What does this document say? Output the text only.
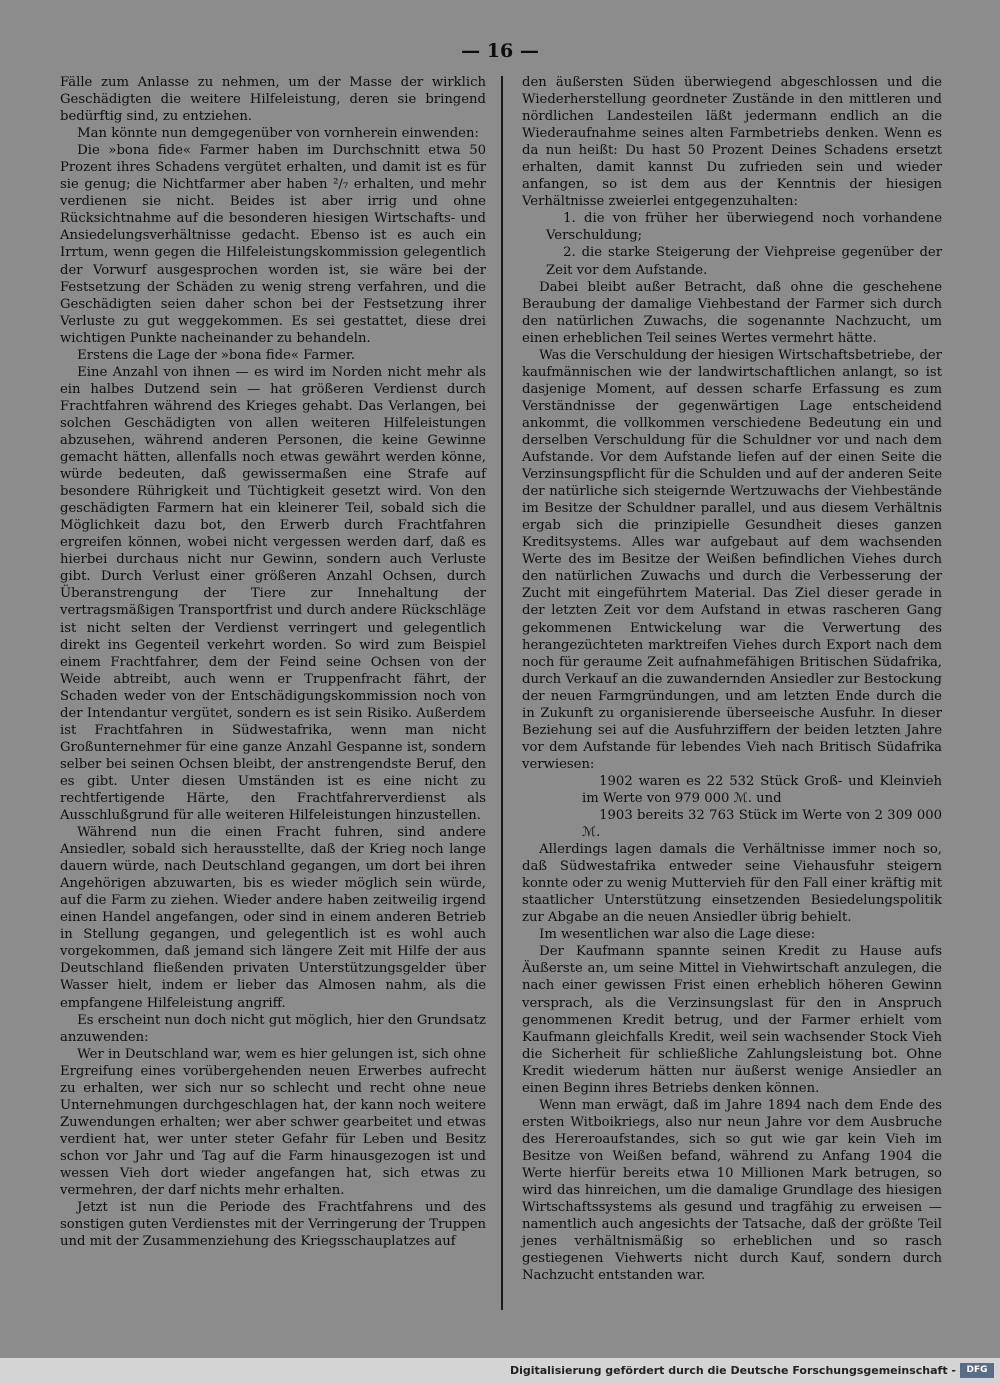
— 16 —

Fälle zum Anlasse zu nehmen, um der Masse der wirklich Geschädigten die weitere Hilfeleistung, deren sie bringend bedürftig sind, zu entziehen.

Man könnte nun demgegenüber von vornherein einwenden:

Die »bona fide« Farmer haben im Durchschnitt etwa 50 Prozent ihres Schadens vergütet erhalten, und damit ist es für sie genug; die Nichtfarmer aber haben ²/₇ erhalten, und mehr verdienen sie nicht. Beides ist aber irrig und ohne Rücksichtnahme auf die besonderen hiesigen Wirtschafts- und Ansiedelungsverhältnisse gedacht. Ebenso ist es auch ein Irrtum, wenn gegen die Hilfeleistungskommission gelegentlich der Vorwurf ausgesprochen worden ist, sie wäre bei der Festsetzung der Schäden zu wenig streng verfahren, und die Geschädigten seien daher schon bei der Festsetzung ihrer Verluste zu gut weggekommen. Es sei gestattet, diese drei wichtigen Punkte nacheinander zu behandeln.

Erstens die Lage der »bona fide« Farmer.

Eine Anzahl von ihnen — es wird im Norden nicht mehr als ein halbes Dutzend sein — hat größeren Verdienst durch Frachtfahren während des Krieges gehabt. Das Verlangen, bei solchen Geschädigten von allen weiteren Hilfeleistungen abzusehen, während anderen Personen, die keine Gewinne gemacht hätten, allenfalls noch etwas gewährt werden könne, würde bedeuten, daß gewissermaßen eine Strafe auf besondere Rührigkeit und Tüchtigkeit gesetzt wird. Von den geschädigten Farmern hat ein kleinerer Teil, sobald sich die Möglichkeit dazu bot, den Erwerb durch Frachtfahren ergreifen können, wobei nicht vergessen werden darf, daß es hierbei durchaus nicht nur Gewinn, sondern auch Verluste gibt. Durch Verlust einer größeren Anzahl Ochsen, durch Überanstrengung der Tiere zur Innehaltung der vertragsmäßigen Transportfrist und durch andere Rückschläge ist nicht selten der Verdienst verringert und gelegentlich direkt ins Gegenteil verkehrt worden. So wird zum Beispiel einem Frachtfahrer, dem der Feind seine Ochsen von der Weide abtreibt, auch wenn er Truppenfracht fährt, der Schaden weder von der Entschädigungskommission noch von der Intendantur vergütet, sondern es ist sein Risiko. Außerdem ist Frachtfahren in Südwestafrika, wenn man nicht Großunternehmer für eine ganze Anzahl Gespanne ist, sondern selber bei seinen Ochsen bleibt, der anstrengendste Beruf, den es gibt. Unter diesen Umständen ist es eine nicht zu rechtfertigende Härte, den Frachtfahrerverdienst als Ausschlußgrund für alle weiteren Hilfeleistungen hinzustellen.

Während nun die einen Fracht fuhren, sind andere Ansiedler, sobald sich herausstellte, daß der Krieg noch lange dauern würde, nach Deutschland gegangen, um dort bei ihren Angehörigen abzuwarten, bis es wieder möglich sein würde, auf die Farm zu ziehen. Wieder andere haben zeitweilig irgend einen Handel angefangen, oder sind in einem anderen Betrieb in Stellung gegangen, und gelegentlich ist es wohl auch vorgekommen, daß jemand sich längere Zeit mit Hilfe der aus Deutschland fließenden privaten Unterstützungsgelder über Wasser hielt, indem er lieber das Almosen nahm, als die empfangene Hilfeleistung angriff.

Es erscheint nun doch nicht gut möglich, hier den Grundsatz anzuwenden:

Wer in Deutschland war, wem es hier gelungen ist, sich ohne Ergreifung eines vorübergehenden neuen Erwerbes aufrecht zu erhalten, wer sich nur so schlecht und recht ohne neue Unternehmungen durchgeschlagen hat, der kann noch weitere Zuwendungen erhalten; wer aber schwer gearbeitet und etwas verdient hat, wer unter steter Gefahr für Leben und Besitz schon vor Jahr und Tag auf die Farm hinausgezogen ist und wessen Vieh dort wieder angefangen hat, sich etwas zu vermehren, der darf nichts mehr erhalten.

Jetzt ist nun die Periode des Frachtfahrens und des sonstigen guten Verdienstes mit der Verringerung der Truppen und mit der Zusammenziehung des Kriegsschauplatzes auf

den äußersten Süden überwiegend abgeschlossen und die Wiederherstellung geordneter Zustände in den mittleren und nördlichen Landesteilen läßt jedermann endlich an die Wiederaufnahme seines alten Farmbetriebs denken. Wenn es da nun heißt: Du hast 50 Prozent Deines Schadens ersetzt erhalten, damit kannst Du zufrieden sein und wieder anfangen, so ist dem aus der Kenntnis der hiesigen Verhältnisse zweierlei entgegenzuhalten:

1. die von früher her überwiegend noch vorhandene Verschuldung;

2. die starke Steigerung der Viehpreise gegenüber der Zeit vor dem Aufstande.

Dabei bleibt außer Betracht, daß ohne die geschehene Beraubung der damalige Viehbestand der Farmer sich durch den natürlichen Zuwachs, die sogenannte Nachzucht, um einen erheblichen Teil seines Wertes vermehrt hätte.

Was die Verschuldung der hiesigen Wirtschaftsbetriebe, der kaufmännischen wie der landwirtschaftlichen anlangt, so ist dasjenige Moment, auf dessen scharfe Erfassung es zum Verständnisse der gegenwärtigen Lage entscheidend ankommt, die vollkommen verschiedene Bedeutung ein und derselben Verschuldung für die Schuldner vor und nach dem Aufstande. Vor dem Aufstande liefen auf der einen Seite die Verzinsungspflicht für die Schulden und auf der anderen Seite der natürliche sich steigernde Wertzuwachs der Viehbestände im Besitze der Schuldner parallel, und aus diesem Verhältnis ergab sich die prinzipielle Gesundheit dieses ganzen Kreditsystems. Alles war aufgebaut auf dem wachsenden Werte des im Besitze der Weißen befindlichen Viehes durch den natürlichen Zuwachs und durch die Verbesserung der Zucht mit eingeführtem Material. Das Ziel dieser gerade in der letzten Zeit vor dem Aufstand in etwas rascheren Gang gekommenen Entwickelung war die Verwertung des herangezüchteten marktreifen Viehes durch Export nach dem noch für geraume Zeit aufnahmefähigen Britischen Südafrika, durch Verkauf an die zuwandernden Ansiedler zur Bestockung der neuen Farmgründungen, und am letzten Ende durch die in Zukunft zu organisierende überseeische Ausfuhr. In dieser Beziehung sei auf die Ausfuhrziffern der beiden letzten Jahre vor dem Aufstande für lebendes Vieh nach Britisch Südafrika verwiesen:

1902 waren es 22 532 Stück Groß- und Kleinvieh im Werte von 979 000 ℳ. und

1903 bereits 32 763 Stück im Werte von 2 309 000 ℳ.

Allerdings lagen damals die Verhältnisse immer noch so, daß Südwestafrika entweder seine Viehausfuhr steigern konnte oder zu wenig Muttervieh für den Fall einer kräftig mit staatlicher Unterstützung einsetzenden Besiedelungspolitik zur Abgabe an die neuen Ansiedler übrig behielt.

Im wesentlichen war also die Lage diese:

Der Kaufmann spannte seinen Kredit zu Hause aufs Äußerste an, um seine Mittel in Viehwirtschaft anzulegen, die nach einer gewissen Frist einen erheblich höheren Gewinn versprach, als die Verzinsungslast für den in Anspruch genommenen Kredit betrug, und der Farmer erhielt vom Kaufmann gleichfalls Kredit, weil sein wachsender Stock Vieh die Sicherheit für schließliche Zahlungsleistung bot. Ohne Kredit wiederum hätten nur äußerst wenige Ansiedler an einen Beginn ihres Betriebs denken können.

Wenn man erwägt, daß im Jahre 1894 nach dem Ende des ersten Witboikriegs, also nur neun Jahre vor dem Ausbruche des Hereroaufstandes, sich so gut wie gar kein Vieh im Besitze von Weißen befand, während zu Anfang 1904 die Werte hierfür bereits etwa 10 Millionen Mark betrugen, so wird das hinreichen, um die damalige Grundlage des hiesigen Wirtschaftssystems als gesund und tragfähig zu erweisen — namentlich auch angesichts der Tatsache, daß der größte Teil jenes verhältnismäßig so erheblichen und so rasch gestiegenen Viehwerts nicht durch Kauf, sondern durch Nachzucht entstanden war.

Digitalisierung gefördert durch die Deutsche Forschungsgemeinschaft -	DFG
